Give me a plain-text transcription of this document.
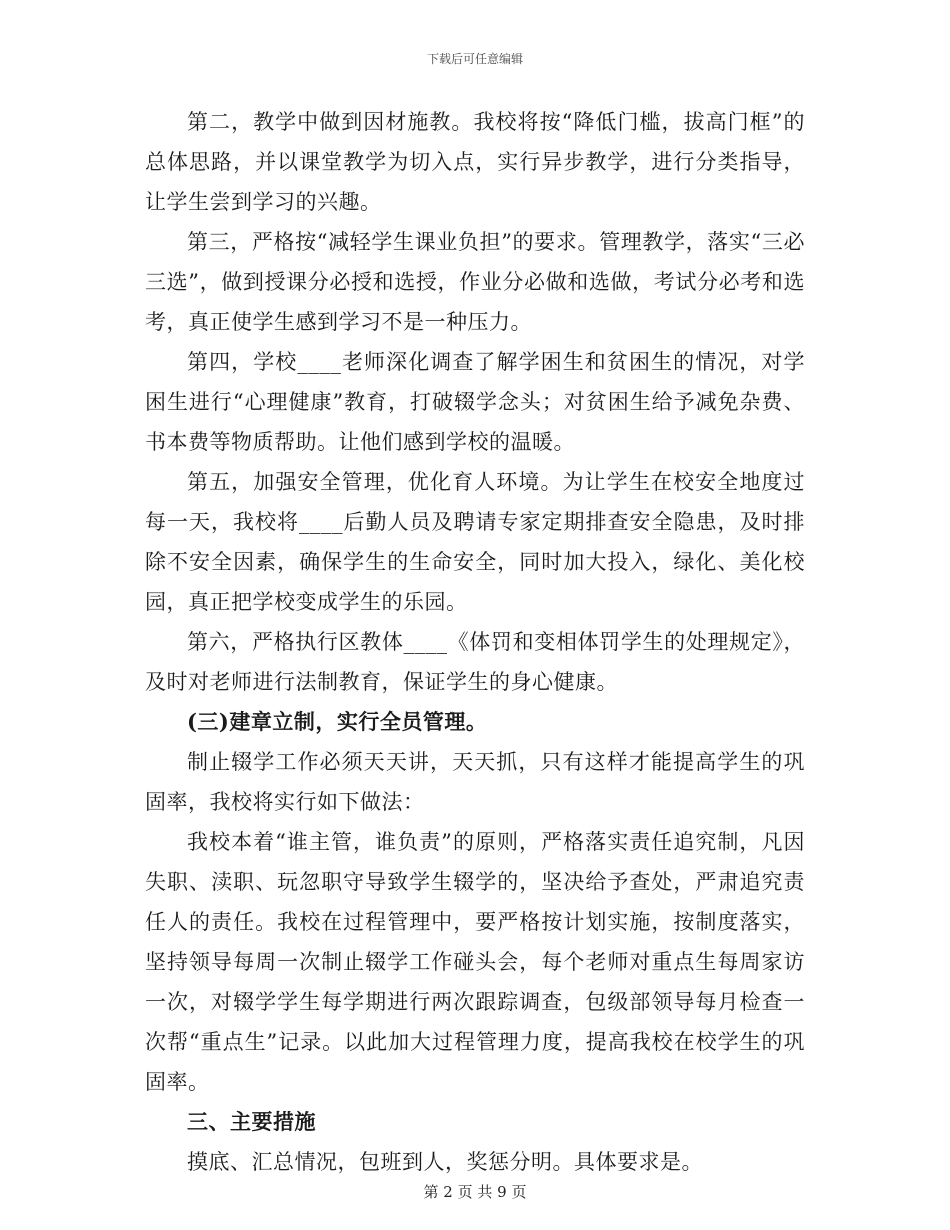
下载后可任意编辑

第二，教学中做到因材施教。我校将按“降低门槛，拔高门框”的总体思路，并以课堂教学为切入点，实行异步教学，进行分类指导，让学生尝到学习的兴趣。

第三，严格按“减轻学生课业负担”的要求。管理教学，落实“三必三选”，做到授课分必授和选授，作业分必做和选做，考试分必考和选考，真正使学生感到学习不是一种压力。

第四，学校____老师深化调查了解学困生和贫困生的情况，对学困生进行“心理健康”教育，打破辍学念头；对贫困生给予减免杂费、书本费等物质帮助。让他们感到学校的温暖。

第五，加强安全管理，优化育人环境。为让学生在校安全地度过每一天，我校将____后勤人员及聘请专家定期排查安全隐患，及时排除不安全因素，确保学生的生命安全，同时加大投入，绿化、美化校园，真正把学校变成学生的乐园。

第六，严格执行区教体____《体罚和变相体罚学生的处理规定》，及时对老师进行法制教育，保证学生的身心健康。

(三)建章立制，实行全员管理。

制止辍学工作必须天天讲，天天抓，只有这样才能提高学生的巩固率，我校将实行如下做法：

我校本着“谁主管，谁负责”的原则，严格落实责任追究制，凡因失职、渎职、玩忽职守导致学生辍学的，坚决给予查处，严肃追究责任人的责任。我校在过程管理中，要严格按计划实施，按制度落实，坚持领导每周一次制止辍学工作碰头会，每个老师对重点生每周家访一次，对辍学学生每学期进行两次跟踪调查，包级部领导每月检查一次帮“重点生”记录。以此加大过程管理力度，提高我校在校学生的巩固率。

三、主要措施

摸底、汇总情况，包班到人，奖惩分明。具体要求是。

第 2 页 共 9 页
